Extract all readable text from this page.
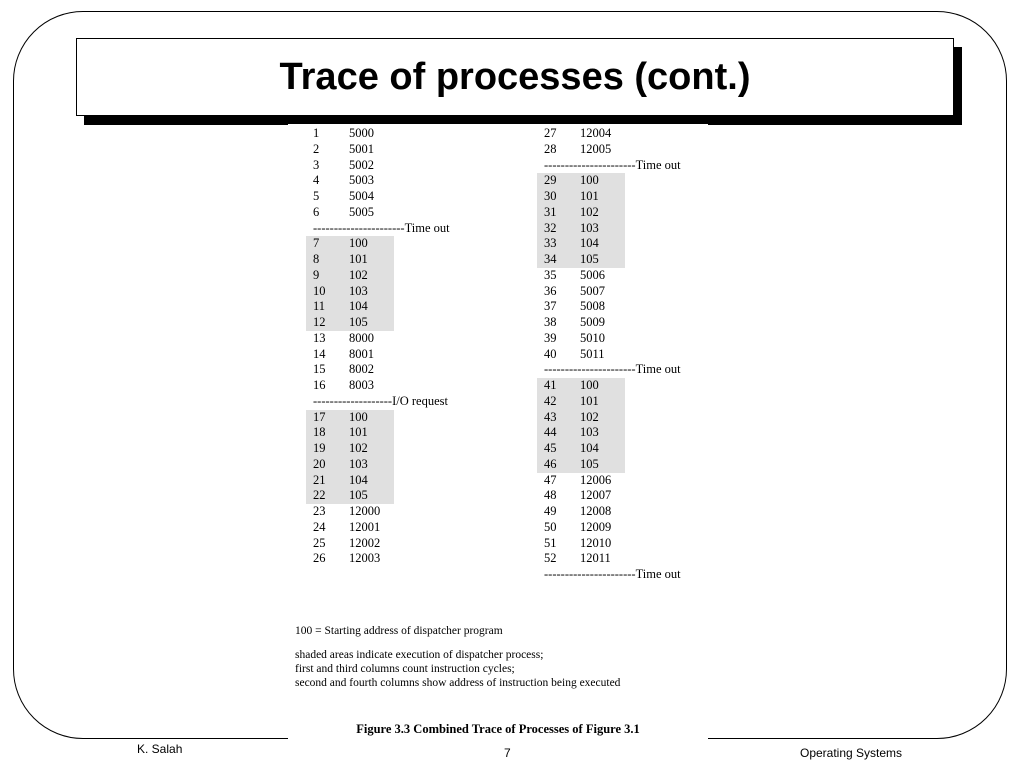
Trace of processes (cont.)
1 5000
2 5001
3 5002
4 5003
5 5004
6 5005
----------------------Time out
7 100
8 101
9 102
10 103
11 104
12 105
13 8000
14 8001
15 8002
16 8003
-------------------I/O request
17 100
18 101
19 102
20 103
21 104
22 105
23 12000
24 12001
25 12002
26 12003
27 12004
28 12005
----------------------Time out
29 100
30 101
31 102
32 103
33 104
34 105
35 5006
36 5007
37 5008
38 5009
39 5010
40 5011
----------------------Time out
41 100
42 101
43 102
44 103
45 104
46 105
47 12006
48 12007
49 12008
50 12009
51 12010
52 12011
----------------------Time out
100 = Starting address of dispatcher program
shaded areas indicate execution of dispatcher process;
first and third columns count instruction cycles;
second and fourth columns show address of instruction being executed
Figure 3.3 Combined Trace of Processes of Figure 3.1
K. Salah	7	Operating Systems
